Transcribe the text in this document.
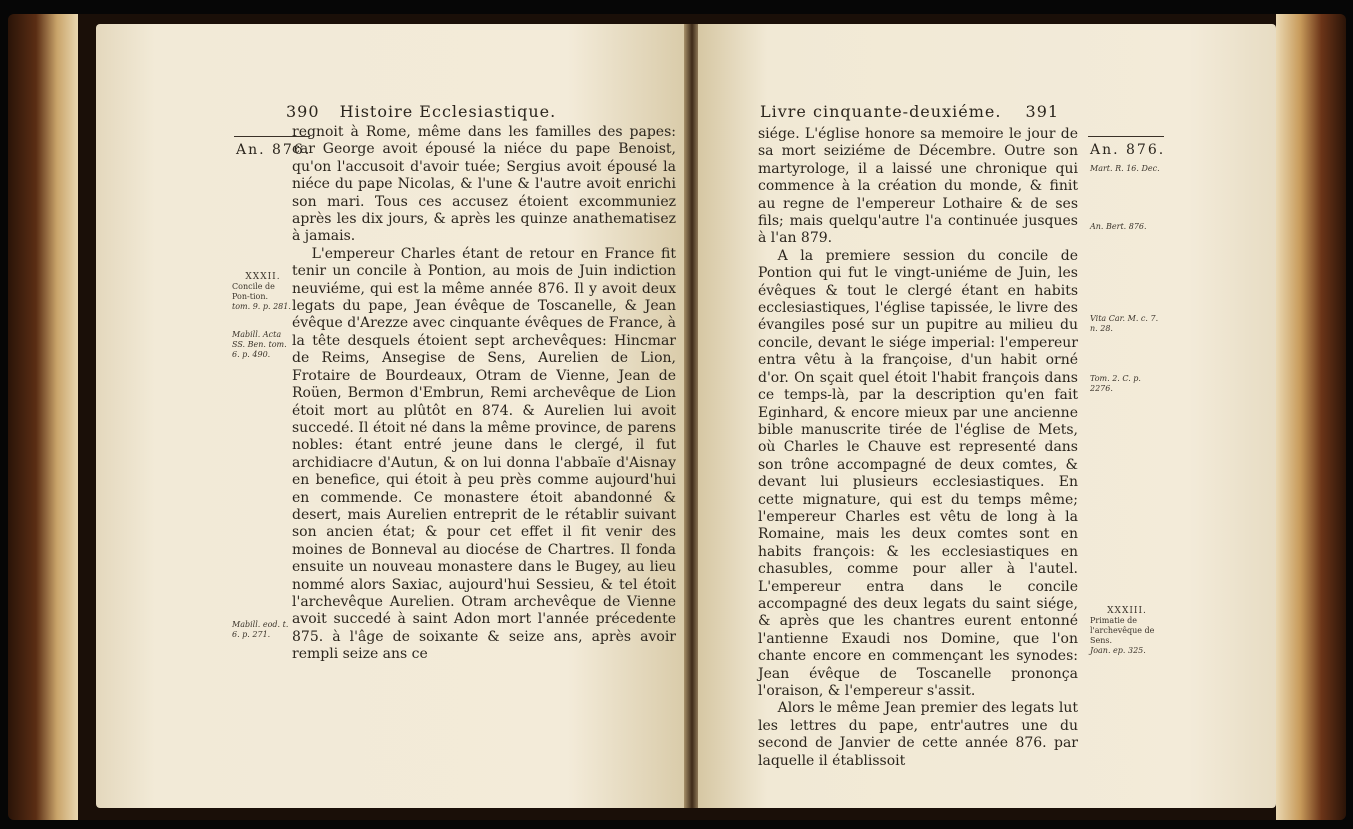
390 Histoire Ecclesiastique.
An. 876.
XXXII.
Concile de Pon-tion.
tom. 9. p. 281.
Mabill. Acta SS. Ben. tom. 6. p. 490.
Mabill. eod. t. 6. p. 271.

regnoit à Rome, même dans les familles des papes: car George avoit épousé la niéce du pape Benoist, qu'on l'accusoit d'avoir tuée; Sergius avoit épousé la niéce du pape Nicolas, & l'une & l'autre avoit enrichi son mari. Tous ces accusez étoient excommuniez après les dix jours, & après les quinze anathematisez à jamais.

L'empereur Charles étant de retour en France fit tenir un concile à Pontion, au mois de Juin indiction neuviéme, qui est la même année 876. Il y avoit deux legats du pape, Jean évêque de Toscanelle, & Jean évêque d'Arezze avec cinquante évêques de France, à la tête desquels étoient sept archevêques: Hincmar de Reims, Ansegise de Sens, Aurelien de Lion, Frotaire de Bourdeaux, Otram de Vienne, Jean de Roüen, Bermon d'Embrun, Remi archevêque de Lion étoit mort au plûtôt en 874. & Aurelien lui avoit succedé. Il étoit né dans la même province, de parens nobles: étant entré jeune dans le clergé, il fut archidiacre d'Autun, & on lui donna l'abbaïe d'Aisnay en benefice, qui étoit à peu près comme aujourd'hui en commende. Ce monastere étoit abandonné & desert, mais Aurelien entreprit de le rétablir suivant son ancien état; & pour cet effet il fit venir des moines de Bonneval au diocése de Chartres. Il fonda ensuite un nouveau monastere dans le Bugey, au lieu nommé alors Saxiac, aujourd'hui Sessieu, & tel étoit l'archevêque Aurelien. Otram archevêque de Vienne avoit succedé à saint Adon mort l'année précedente 875. à l'âge de soixante & seize ans, après avoir rempli seize ans ce

Livre cinquante-deuxiéme. 391
An. 876.
Mart. R. 16. Dec.
An. Bert. 876.
Vita Car. M. c. 7. n. 28.
Tom. 2. C. p. 2276.
XXXIII.
Primatie de l'archevêque de Sens.
Joan. ep. 325.

siége. L'église honore sa memoire le jour de sa mort seiziéme de Décembre. Outre son martyrologe, il a laissé une chronique qui commence à la création du monde, & finit au regne de l'empereur Lothaire & de ses fils; mais quelqu'autre l'a continuée jusques à l'an 879.

A la premiere session du concile de Pontion qui fut le vingt-uniéme de Juin, les évêques & tout le clergé étant en habits ecclesiastiques, l'église tapissée, le livre des évangiles posé sur un pupitre au milieu du concile, devant le siége imperial: l'empereur entra vêtu à la françoise, d'un habit orné d'or. On sçait quel étoit l'habit françois dans ce temps-là, par la description qu'en fait Eginhard, & encore mieux par une ancienne bible manuscrite tirée de l'église de Mets, où Charles le Chauve est representé dans son trône accompagné de deux comtes, & devant lui plusieurs ecclesiastiques. En cette mignature, qui est du temps même; l'empereur Charles est vêtu de long à la Romaine, mais les deux comtes sont en habits françois: & les ecclesiastiques en chasubles, comme pour aller à l'autel. L'empereur entra dans le concile accompagné des deux legats du saint siége, & après que les chantres eurent entonné l'antienne Exaudi nos Domine, que l'on chante encore en commençant les synodes: Jean évêque de Toscanelle prononça l'oraison, & l'empereur s'assit.

Alors le même Jean premier des legats lut les lettres du pape, entr'autres une du second de Janvier de cette année 876. par laquelle il établissoit
